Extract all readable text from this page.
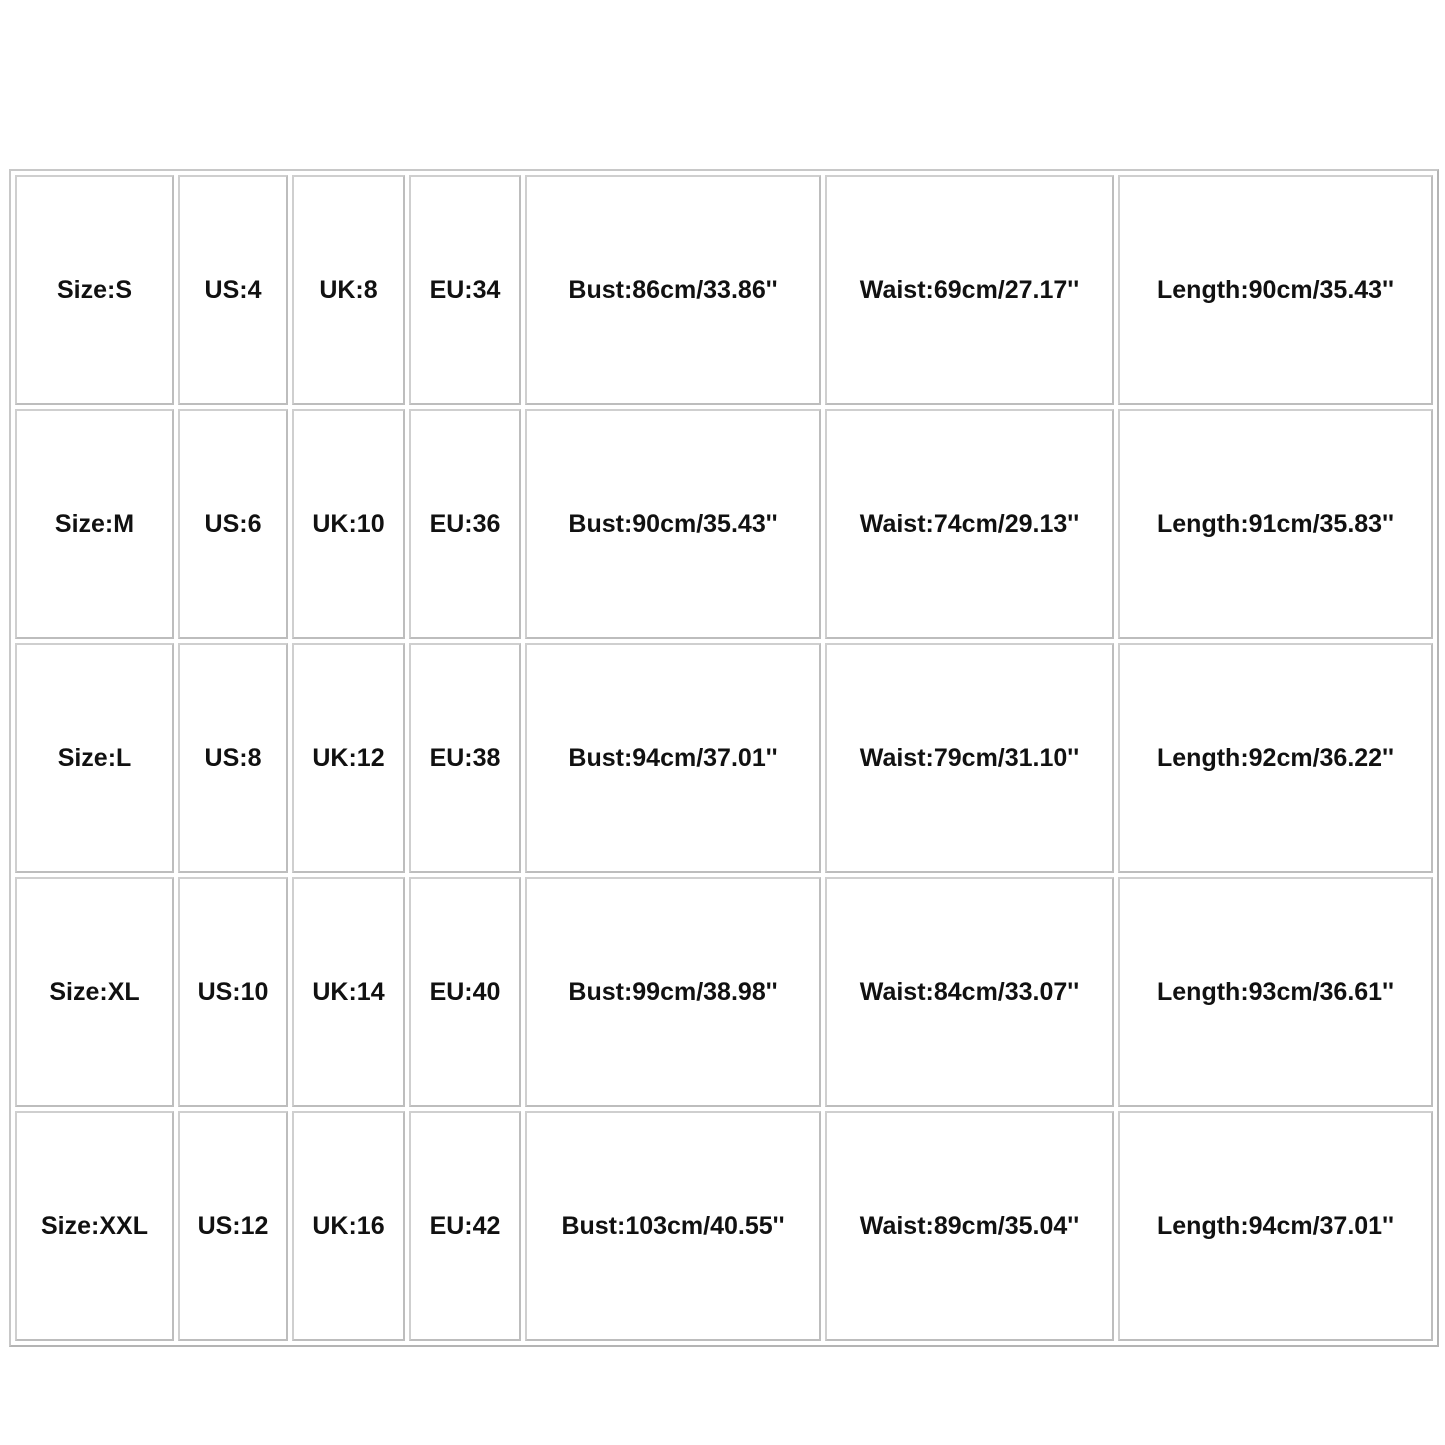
Size:S	US:4	UK:8	EU:34	Bust:86cm/33.86''	Waist:69cm/27.17''	Length:90cm/35.43''
Size:M	US:6	UK:10	EU:36	Bust:90cm/35.43''	Waist:74cm/29.13''	Length:91cm/35.83''
Size:L	US:8	UK:12	EU:38	Bust:94cm/37.01''	Waist:79cm/31.10''	Length:92cm/36.22''
Size:XL	US:10	UK:14	EU:40	Bust:99cm/38.98''	Waist:84cm/33.07''	Length:93cm/36.61''
Size:XXL	US:12	UK:16	EU:42	Bust:103cm/40.55''	Waist:89cm/35.04''	Length:94cm/37.01''
